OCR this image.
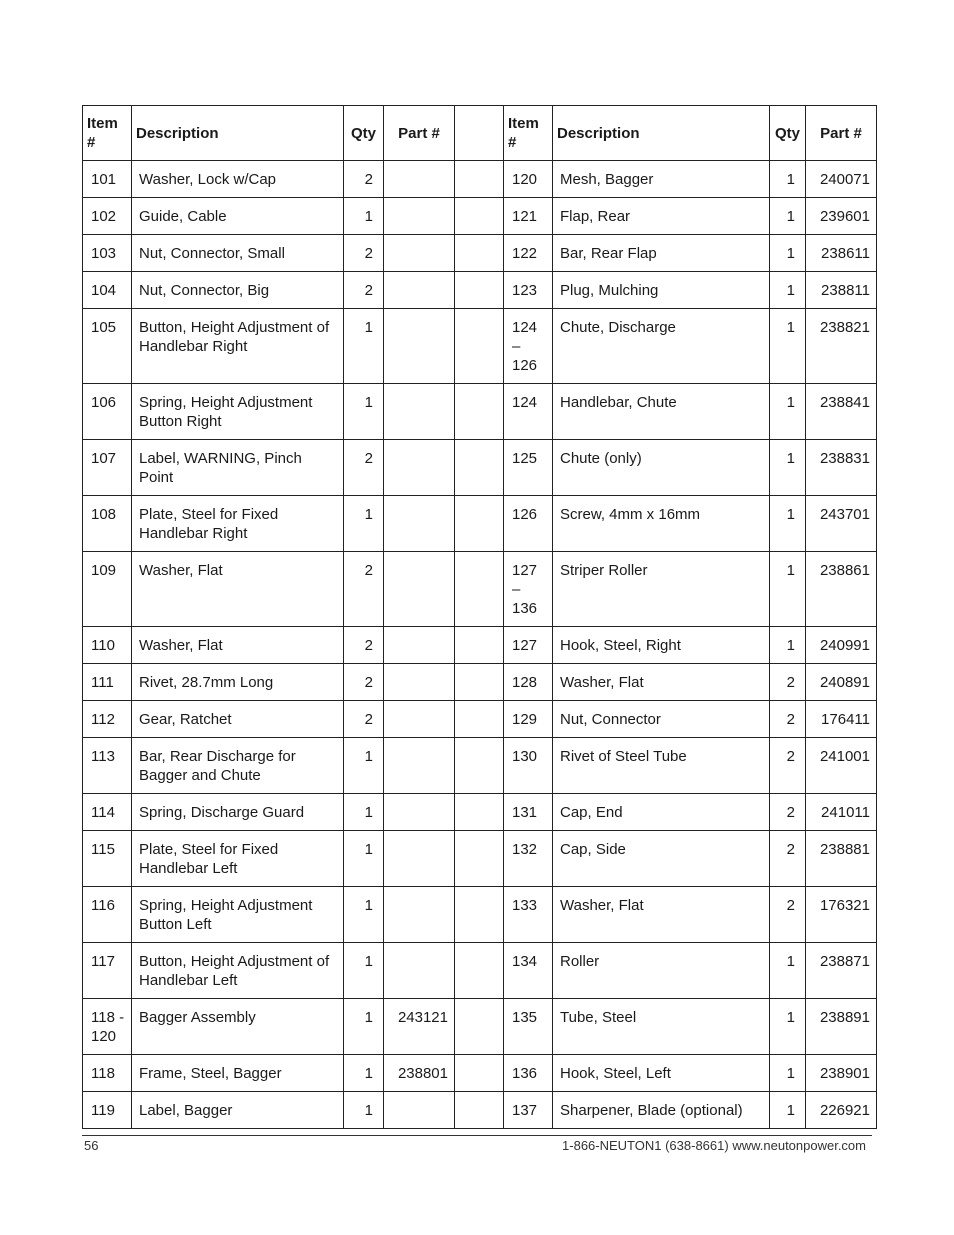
Item #	Description	Qty	Part #		Item #	Description	Qty	Part #
101	Washer, Lock w/Cap	2			120	Mesh, Bagger	1	240071
102	Guide, Cable	1			121	Flap, Rear	1	239601
103	Nut, Connector, Small	2			122	Bar, Rear Flap	1	238611
104	Nut, Connector, Big	2			123	Plug, Mulching	1	238811
105	Button, Height Adjustment of Handlebar Right	1			124 – 126	Chute, Discharge	1	238821
106	Spring, Height Adjustment Button Right	1			124	Handlebar, Chute	1	238841
107	Label, WARNING, Pinch Point	2			125	Chute (only)	1	238831
108	Plate, Steel for Fixed Handlebar Right	1			126	Screw, 4mm x 16mm	1	243701
109	Washer, Flat	2			127 – 136	Striper Roller	1	238861
110	Washer, Flat	2			127	Hook, Steel, Right	1	240991
111	Rivet, 28.7mm Long	2			128	Washer, Flat	2	240891
112	Gear, Ratchet	2			129	Nut, Connector	2	176411
113	Bar, Rear Discharge for Bagger and Chute	1			130	Rivet of Steel Tube	2	241001
114	Spring, Discharge Guard	1			131	Cap, End	2	241011
115	Plate, Steel for Fixed Handlebar Left	1			132	Cap, Side	2	238881
116	Spring, Height Adjustment Button Left	1			133	Washer, Flat	2	176321
117	Button, Height Adjustment of Handlebar Left	1			134	Roller	1	238871
118 - 120	Bagger Assembly	1	243121		135	Tube, Steel	1	238891
118	Frame, Steel, Bagger	1	238801		136	Hook, Steel, Left	1	238901
119	Label, Bagger	1			137	Sharpener, Blade (optional)	1	226921
56	1-866-NEUTON1 (638-8661) www.neutonpower.com
